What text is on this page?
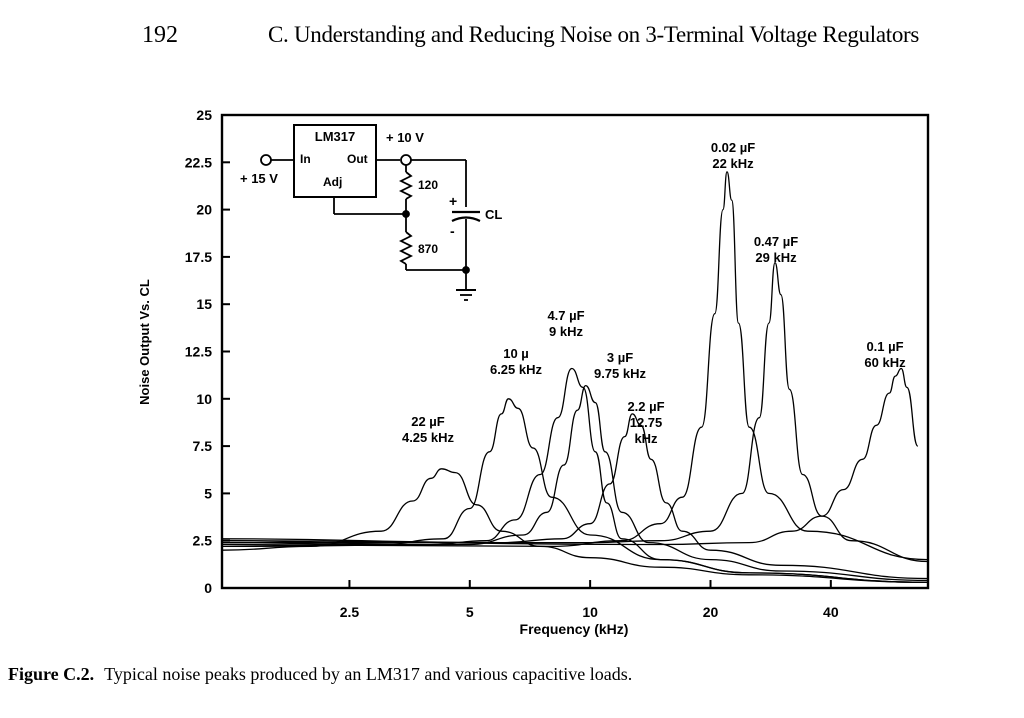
192	C. Understanding and Reducing Noise on 3-Terminal Voltage Regulators
0
2.5
5
7.5
10
12.5
15
17.5
20
22.5
25
2.5	5	10	20	40
Frequency (kHz)
Noise Output Vs. CL
22 µF 4.25 kHz
10 µ 6.25 kHz
4.7 µF 9 kHz
3 µF 9.75 kHz
2.2 µF 12.75 kHz
0.02 µF 22 kHz
0.47 µF 29 kHz
0.1 µF 60 kHz
LM317
In	Out
Adj
+ 15 V
+ 10 V
120
870
+
-
CL
Figure C.2. Typical noise peaks produced by an LM317 and various capacitive loads.
